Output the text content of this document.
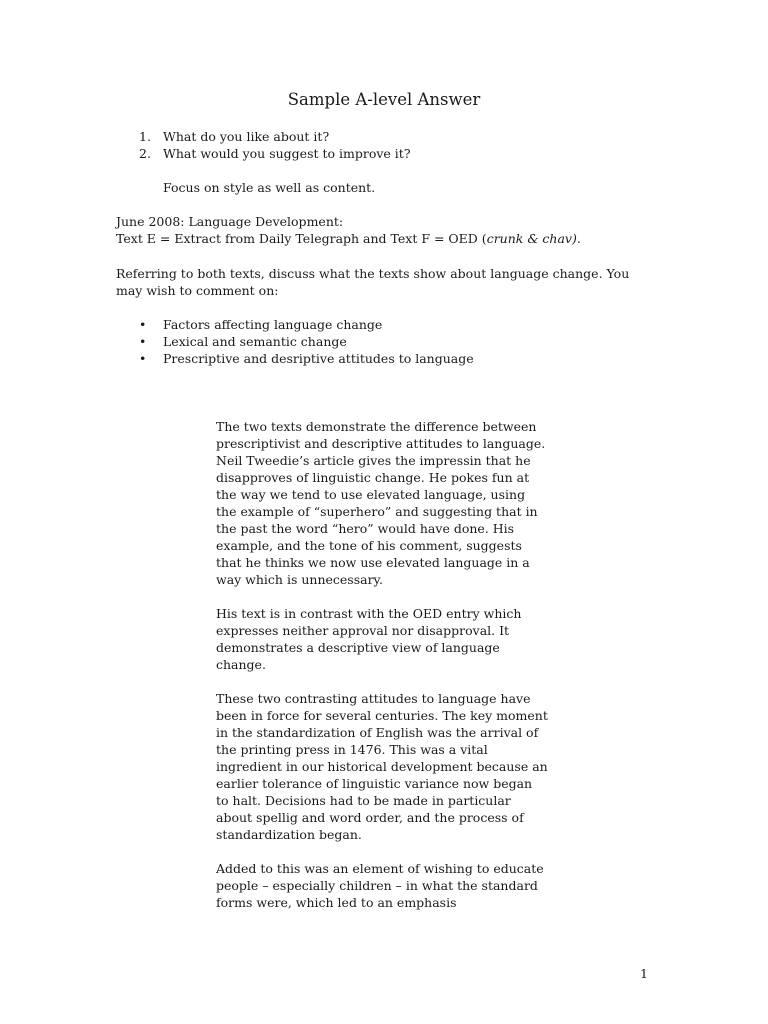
Sample A-level Answer
1. What do you like about it?
2. What would you suggest to improve it?
Focus on style as well as content.
June 2008: Language Development:
Text E = Extract from Daily Telegraph and Text F = OED (crunk & chav).
Referring to both texts, discuss what the texts show about language change. You may wish to comment on:
•	Factors affecting language change
•	Lexical and semantic change
•	Prescriptive and desriptive attitudes to language

The two texts demonstrate the difference between prescriptivist and descriptive attitudes to language. Neil Tweedie’s article gives the impressin that he disapproves of linguistic change. He pokes fun at the way we tend to use elevated language, using the example of “superhero” and suggesting that in the past the word “hero” would have done. His example, and the tone of his comment, suggests that he thinks we now use elevated language in a way which is unnecessary.

His text is in contrast with the OED entry which expresses neither approval nor disapproval. It demonstrates a descriptive view of language change.

These two contrasting attitudes to language have been in force for several centuries. The key moment in the standardization of English was the arrival of the printing press in 1476. This was a vital ingredient in our historical development because an earlier tolerance of linguistic variance now began to halt. Decisions had to be made in particular about spellig and word order, and the process of standardization began.

Added to this was an element of wishing to educate people – especially children – in what the standard forms were, which led to an emphasis

1
